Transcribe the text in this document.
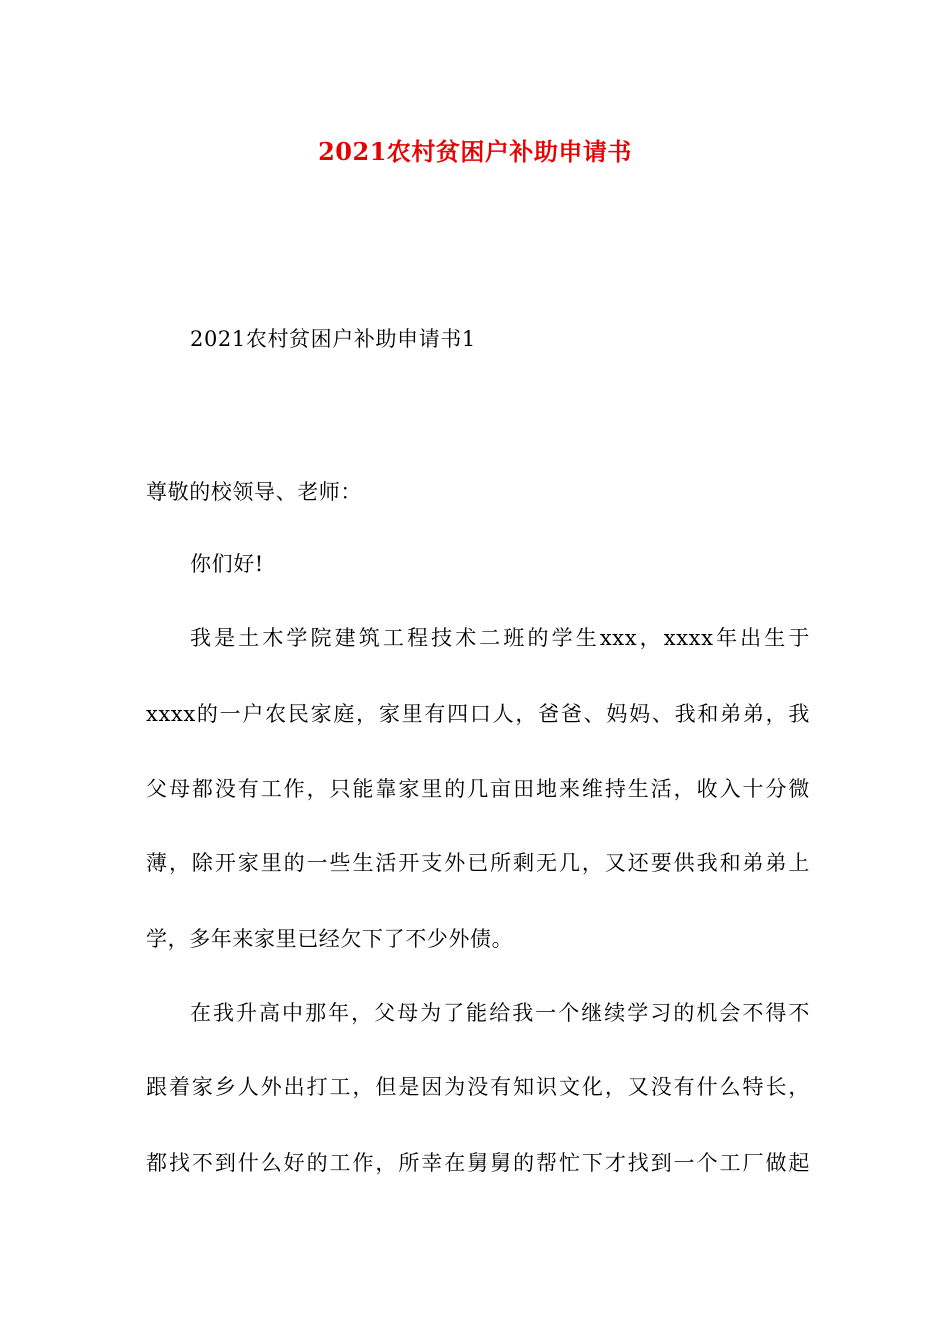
2021农村贫困户补助申请书
2021农村贫困户补助申请书1
尊敬的校领导、老师：
你们好!
我是土木学院建筑工程技术二班的学生xxx，xxxx年出生于
xxxx的一户农民家庭，家里有四口人，爸爸、妈妈、我和弟弟，我
父母都没有工作，只能靠家里的几亩田地来维持生活，收入十分微
薄，除开家里的一些生活开支外已所剩无几，又还要供我和弟弟上
学，多年来家里已经欠下了不少外债。
在我升高中那年，父母为了能给我一个继续学习的机会不得不
跟着家乡人外出打工，但是因为没有知识文化，又没有什么特长，
都找不到什么好的工作，所幸在舅舅的帮忙下才找到一个工厂做起
